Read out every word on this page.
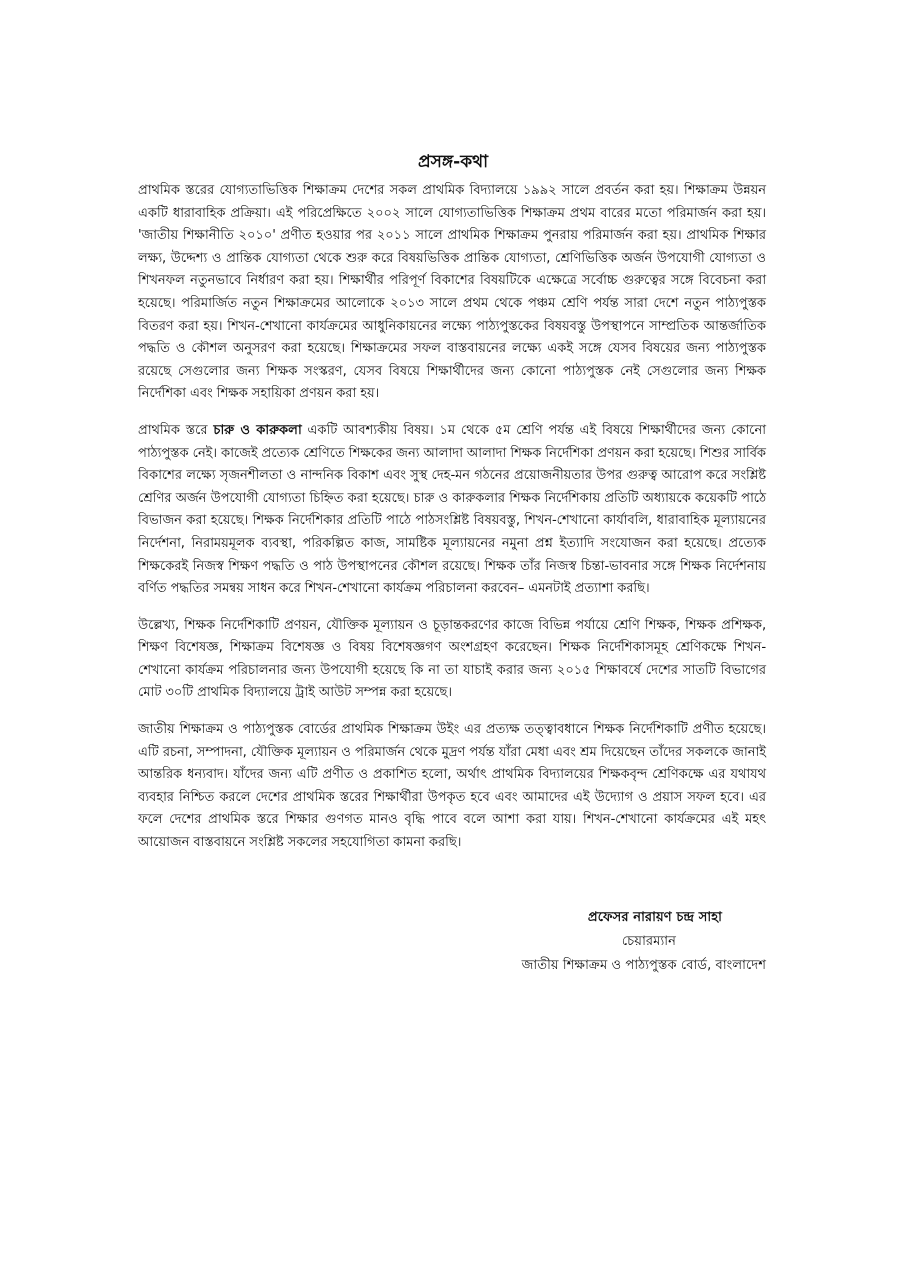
প্রসঙ্গ-কথা

প্রাথমিক স্তরের যোগ্যতাভিত্তিক শিক্ষাক্রম দেশের সকল প্রাথমিক বিদ্যালয়ে ১৯৯২ সালে প্রবর্তন করা হয়। শিক্ষাক্রম উন্নয়ন একটি ধারাবাহিক প্রক্রিয়া। এই পরিপ্রেক্ষিতে ২০০২ সালে যোগ্যতাভিত্তিক শিক্ষাক্রম প্রথম বারের মতো পরিমার্জন করা হয়। 'জাতীয় শিক্ষানীতি ২০১০' প্রণীত হওয়ার পর ২০১১ সালে প্রাথমিক শিক্ষাক্রম পুনরায় পরিমার্জন করা হয়। প্রাথমিক শিক্ষার লক্ষ্য, উদ্দেশ্য ও প্রান্তিক যোগ্যতা থেকে শুরু করে বিষয়ভিত্তিক প্রান্তিক যোগ্যতা, শ্রেণিভিত্তিক অর্জন উপযোগী যোগ্যতা ও শিখনফল নতুনভাবে নির্ধারণ করা হয়। শিক্ষার্থীর পরিপূর্ণ বিকাশের বিষয়টিকে এক্ষেত্রে সর্বোচ্চ গুরুত্বের সঙ্গে বিবেচনা করা হয়েছে। পরিমার্জিত নতুন শিক্ষাক্রমের আলোকে ২০১৩ সালে প্রথম থেকে পঞ্চম শ্রেণি পর্যন্ত সারা দেশে নতুন পাঠ্যপুস্তক বিতরণ করা হয়। শিখন-শেখানো কার্যক্রমের আধুনিকায়নের লক্ষ্যে পাঠ্যপুস্তকের বিষয়বস্তু উপস্থাপনে সাম্প্রতিক আন্তর্জাতিক পদ্ধতি ও কৌশল অনুসরণ করা হয়েছে। শিক্ষাক্রমের সফল বাস্তবায়নের লক্ষ্যে একই সঙ্গে যেসব বিষয়ের জন্য পাঠ্যপুস্তক রয়েছে সেগুলোর জন্য শিক্ষক সংস্করণ, যেসব বিষয়ে শিক্ষার্থীদের জন্য কোনো পাঠ্যপুস্তক নেই সেগুলোর জন্য শিক্ষক নির্দেশিকা এবং শিক্ষক সহায়িকা প্রণয়ন করা হয়।

প্রাথমিক স্তরে চারু ও কারুকলা একটি আবশ্যকীয় বিষয়। ১ম থেকে ৫ম শ্রেণি পর্যন্ত এই বিষয়ে শিক্ষার্থীদের জন্য কোনো পাঠ্যপুস্তক নেই। কাজেই প্রত্যেক শ্রেণিতে শিক্ষকের জন্য আলাদা আলাদা শিক্ষক নির্দেশিকা প্রণয়ন করা হয়েছে। শিশুর সার্বিক বিকাশের লক্ষ্যে সৃজনশীলতা ও নান্দনিক বিকাশ এবং সুস্থ দেহ-মন গঠনের প্রয়োজনীয়তার উপর গুরুত্ব আরোপ করে সংশ্লিষ্ট শ্রেণির অর্জন উপযোগী যোগ্যতা চিহ্নিত করা হয়েছে। চারু ও কারুকলার শিক্ষক নির্দেশিকায় প্রতিটি অধ্যায়কে কয়েকটি পাঠে বিভাজন করা হয়েছে। শিক্ষক নির্দেশিকার প্রতিটি পাঠে পাঠসংশ্লিষ্ট বিষয়বস্তু, শিখন-শেখানো কার্যাবলি, ধারাবাহিক মূল্যায়নের নির্দেশনা, নিরাময়মূলক ব্যবস্থা, পরিকল্পিত কাজ, সামষ্টিক মূল্যায়নের নমুনা প্রশ্ন ইত্যাদি সংযোজন করা হয়েছে। প্রত্যেক শিক্ষকেরই নিজস্ব শিক্ষণ পদ্ধতি ও পাঠ উপস্থাপনের কৌশল রয়েছে। শিক্ষক তাঁর নিজস্ব চিন্তা-ভাবনার সঙ্গে শিক্ষক নির্দেশনায় বর্ণিত পদ্ধতির সমন্বয় সাধন করে শিখন-শেখানো কার্যক্রম পরিচালনা করবেন– এমনটাই প্রত্যাশা করছি।

উল্লেখ্য, শিক্ষক নির্দেশিকাটি প্রণয়ন, যৌক্তিক মূল্যায়ন ও চূড়ান্তকরণের কাজে বিভিন্ন পর্যায়ে শ্রেণি শিক্ষক, শিক্ষক প্রশিক্ষক, শিক্ষণ বিশেষজ্ঞ, শিক্ষাক্রম বিশেষজ্ঞ ও বিষয় বিশেষজ্ঞগণ অংশগ্রহণ করেছেন। শিক্ষক নির্দেশিকাসমূহ শ্রেণিকক্ষে শিখন-শেখানো কার্যক্রম পরিচালনার জন্য উপযোগী হয়েছে কি না তা যাচাই করার জন্য ২০১৫ শিক্ষাবর্ষে দেশের সাতটি বিভাগের মোট ৩০টি প্রাথমিক বিদ্যালয়ে ট্রাই আউট সম্পন্ন করা হয়েছে।

জাতীয় শিক্ষাক্রম ও পাঠ্যপুস্তক বোর্ডের প্রাথমিক শিক্ষাক্রম উইং এর প্রত্যক্ষ তত্ত্বাবধানে শিক্ষক নির্দেশিকাটি প্রণীত হয়েছে। এটি রচনা, সম্পাদনা, যৌক্তিক মূল্যায়ন ও পরিমার্জন থেকে মুদ্রণ পর্যন্ত যাঁরা মেধা এবং শ্রম দিয়েছেন তাঁদের সকলকে জানাই আন্তরিক ধন্যবাদ। যাঁদের জন্য এটি প্রণীত ও প্রকাশিত হলো, অর্থাৎ প্রাথমিক বিদ্যালয়ের শিক্ষকবৃন্দ শ্রেণিকক্ষে এর যথাযথ ব্যবহার নিশ্চিত করলে দেশের প্রাথমিক স্তরের শিক্ষার্থীরা উপকৃত হবে এবং আমাদের এই উদ্যোগ ও প্রয়াস সফল হবে। এর ফলে দেশের প্রাথমিক স্তরে শিক্ষার গুণগত মানও বৃদ্ধি পাবে বলে আশা করা যায়। শিখন-শেখানো কার্যক্রমের এই মহৎ আয়োজন বাস্তবায়নে সংশ্লিষ্ট সকলের সহযোগিতা কামনা করছি।

প্রফেসর নারায়ণ চন্দ্র সাহা
চেয়ারম্যান
জাতীয় শিক্ষাক্রম ও পাঠ্যপুস্তক বোর্ড, বাংলাদেশ
